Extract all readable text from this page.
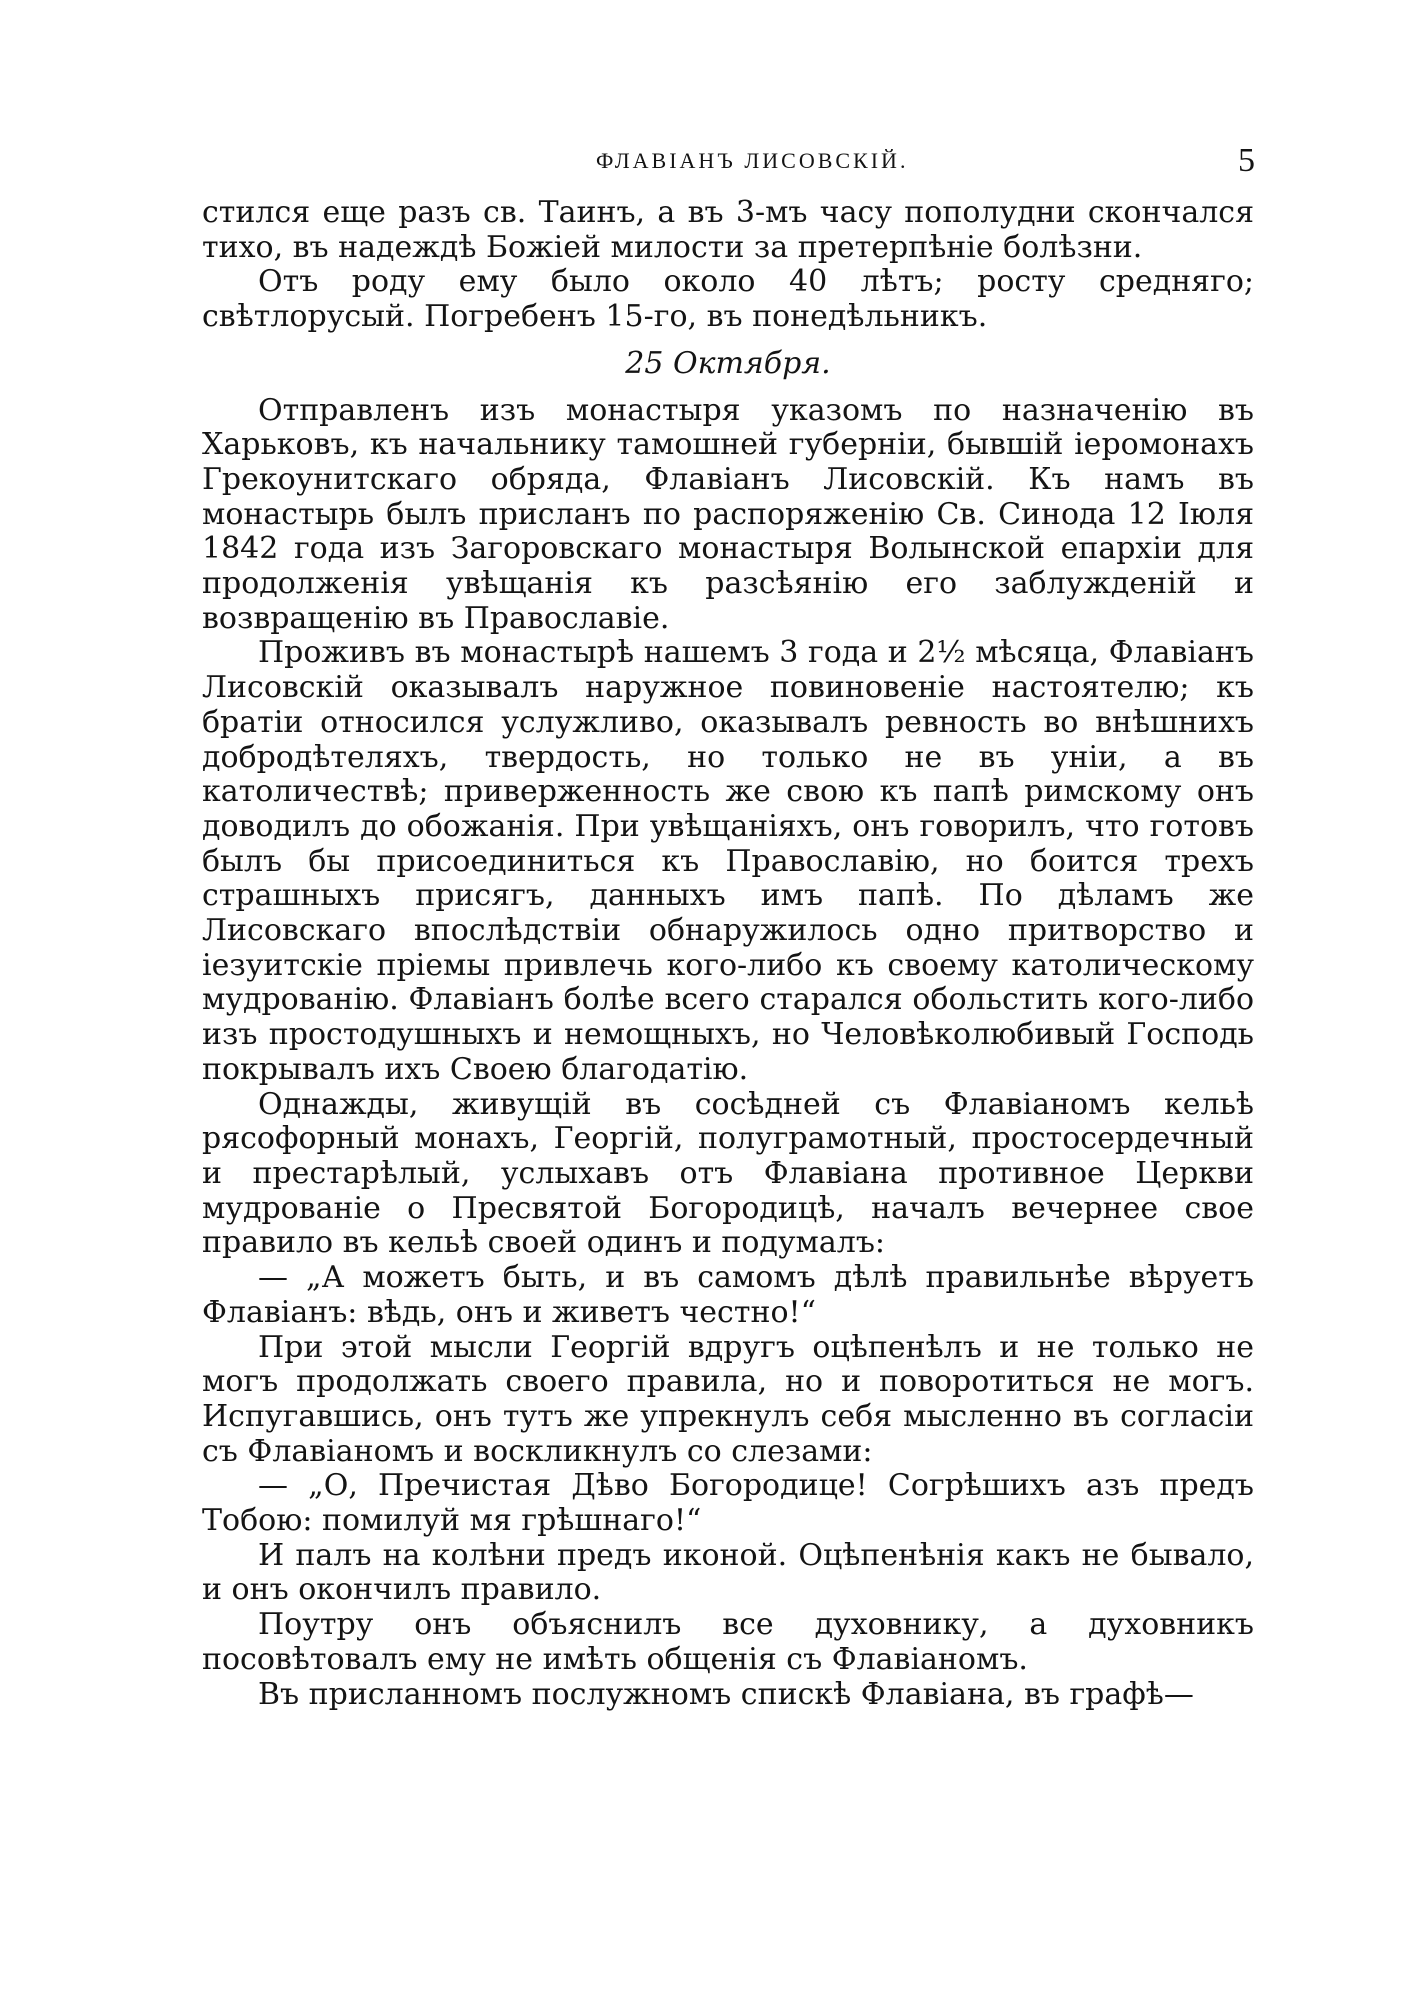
ФЛАВІАНЪ ЛИСОВСКІЙ.	5

стился еще разъ св. Таинъ, а въ 3-мъ часу пополудни скончался тихо, въ надеждѣ Божіей милости за претерпѣніе болѣзни.

Отъ роду ему было около 40 лѣтъ; росту средняго; свѣтлорусый. Погребенъ 15-го, въ понедѣльникъ.

25 Октября.

Отправленъ изъ монастыря указомъ по назначенію въ Харьковъ, къ начальнику тамошней губерніи, бывшій іеромонахъ Грекоунитскаго обряда, Флавіанъ Лисовскій. Къ намъ въ монастырь былъ присланъ по распоряженію Св. Синода 12 Іюля 1842 года изъ Загоровскаго монастыря Волынской епархіи для продолженія увѣщанія къ разсѣянію его заблужденій и возвращенію въ Православіе.

Проживъ въ монастырѣ нашемъ 3 года и 2½ мѣсяца, Флавіанъ Лисовскій оказывалъ наружное повиновеніе настоятелю; къ братіи относился услужливо, оказывалъ ревность во внѣшнихъ добродѣтеляхъ, твердость, но только не въ уніи, а въ католичествѣ; приверженность же свою къ папѣ римскому онъ доводилъ до обожанія. При увѣщаніяхъ, онъ говорилъ, что готовъ былъ бы присоединиться къ Православію, но боится трехъ страшныхъ присягъ, данныхъ имъ папѣ. По дѣламъ же Лисовскаго впослѣдствіи обнаружилось одно притворство и іезуитскіе пріемы привлечь кого-либо къ своему католическому мудрованію. Флавіанъ болѣе всего старался обольстить кого-либо изъ простодушныхъ и немощныхъ, но Человѣколюбивый Господь покрывалъ ихъ Своею благодатію.

Однажды, живущій въ сосѣдней съ Флавіаномъ кельѣ рясофорный монахъ, Георгій, полуграмотный, простосердечный и престарѣлый, услыхавъ отъ Флавіана противное Церкви мудрованіе о Пресвятой Богородицѣ, началъ вечернее свое правило въ кельѣ своей одинъ и подумалъ:

— „А можетъ быть, и въ самомъ дѣлѣ правильнѣе вѣруетъ Флавіанъ: вѣдь, онъ и живетъ честно!“

При этой мысли Георгій вдругъ оцѣпенѣлъ и не только не могъ продолжать своего правила, но и поворотиться не могъ. Испугавшись, онъ тутъ же упрекнулъ себя мысленно въ согласіи съ Флавіаномъ и воскликнулъ со слезами:

— „О, Пречистая Дѣво Богородице! Согрѣшихъ азъ предъ Тобою: помилуй мя грѣшнаго!“

И палъ на колѣни предъ иконой. Оцѣпенѣнія какъ не бывало, и онъ окончилъ правило.

Поутру онъ объяснилъ все духовнику, а духовникъ посовѣтовалъ ему не имѣть общенія съ Флавіаномъ.

Въ присланномъ послужномъ спискѣ Флавіана, въ графѣ—
